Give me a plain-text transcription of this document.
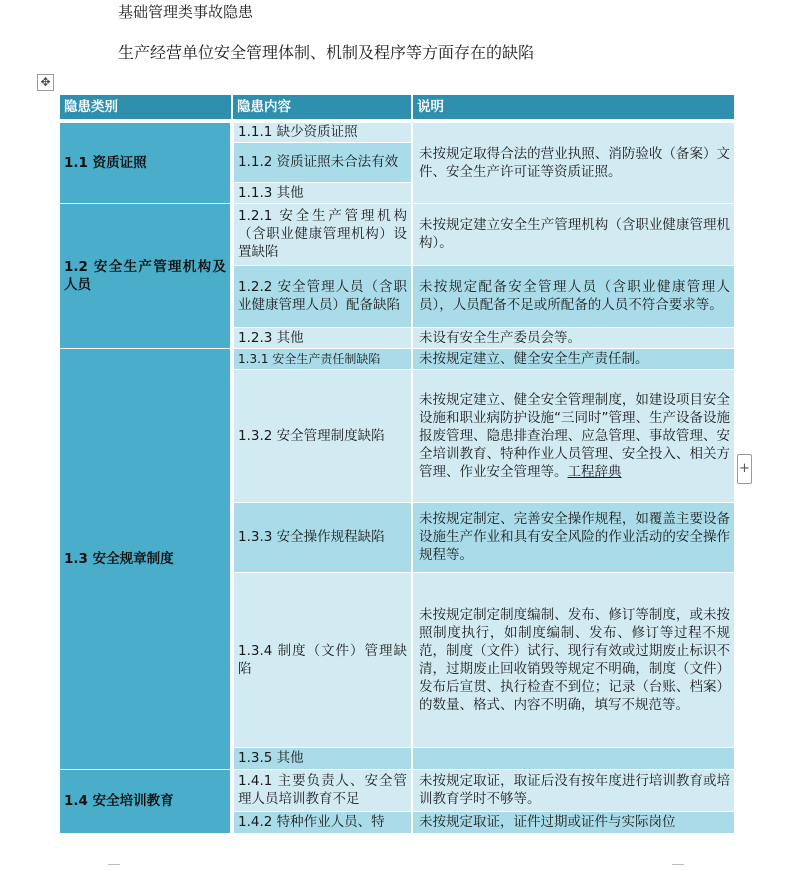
基础管理类事故隐患
生产经营单位安全管理体制、机制及程序等方面存在的缺陷
✥
+
隐患类别	隐患内容	说明
1.1 资质证照	1.1.1 缺少资质证照	未按规定取得合法的营业执照、消防验收（备案）文件、安全生产许可证等资质证照。
	1.1.2 资质证照未合法有效	
	1.1.3 其他	
1.2 安全生产管理机构及人员	1.2.1 安全生产管理机构（含职业健康管理机构）设置缺陷	未按规定建立安全生产管理机构（含职业健康管理机构）。
	1.2.2 安全管理人员（含职业健康管理人员）配备缺陷	未按规定配备安全管理人员（含职业健康管理人员），人员配备不足或所配备的人员不符合要求等。
	1.2.3 其他	未设有安全生产委员会等。
1.3 安全规章制度	1.3.1 安全生产责任制缺陷	未按规定建立、健全安全生产责任制。
	1.3.2 安全管理制度缺陷	未按规定建立、健全安全管理制度，如建设项目安全设施和职业病防护设施“三同时”管理、生产设备设施报废管理、隐患排查治理、应急管理、事故管理、安全培训教育、特种作业人员管理、安全投入、相关方管理、作业安全管理等。工程辞典
	1.3.3 安全操作规程缺陷	未按规定制定、完善安全操作规程，如覆盖主要设备设施生产作业和具有安全风险的作业活动的安全操作规程等。
	1.3.4 制度（文件）管理缺陷	未按规定制定制度编制、发布、修订等制度，或未按照制度执行，如制度编制、发布、修订等过程不规范，制度（文件）试行、现行有效或过期废止标识不清，过期废止回收销毁等规定不明确，制度（文件）发布后宣贯、执行检查不到位；记录（台账、档案）的数量、格式、内容不明确，填写不规范等。
	1.3.5 其他	
1.4 安全培训教育	1.4.1 主要负责人、安全管理人员培训教育不足	未按规定取证，取证后没有按年度进行培训教育或培训教育学时不够等。
	1.4.2 特种作业人员、特	未按规定取证，证件过期或证件与实际岗位
